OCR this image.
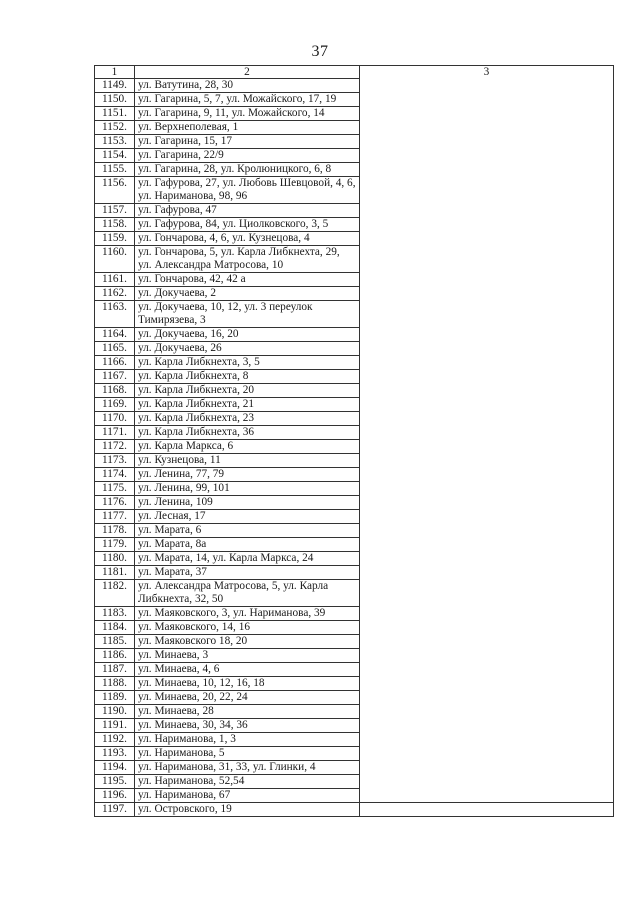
37
1	2	3
1149.	ул. Ватутина, 28, 30	
1150.	ул. Гагарина, 5, 7, ул. Можайского, 17, 19	
1151.	ул. Гагарина, 9, 11, ул. Можайского, 14	
1152.	ул. Верхнеполевая, 1	
1153.	ул. Гагарина, 15, 17	
1154.	ул. Гагарина, 22/9	
1155.	ул. Гагарина, 28, ул. Кролюницкого, 6, 8	
1156.	ул. Гафурова, 27, ул. Любовь Шевцовой, 4, 6, ул. Нариманова, 98, 96	
1157.	ул. Гафурова, 47	
1158.	ул. Гафурова, 84, ул. Циолковского, 3, 5	
1159.	ул. Гончарова, 4, 6, ул. Кузнецова, 4	
1160.	ул. Гончарова, 5, ул. Карла Либкнехта, 29, ул. Александра Матросова, 10	
1161.	ул. Гончарова, 42, 42 а	
1162.	ул. Докучаева, 2	
1163.	ул. Докучаева, 10, 12, ул. 3 переулок Тимирязева, 3	
1164.	ул. Докучаева, 16, 20	
1165.	ул. Докучаева, 26	
1166.	ул. Карла Либкнехта, 3, 5	
1167.	ул. Карла Либкнехта, 8	
1168.	ул. Карла Либкнехта, 20	
1169.	ул. Карла Либкнехта, 21	
1170.	ул. Карла Либкнехта, 23	
1171.	ул. Карла Либкнехта, 36	
1172.	ул. Карла Маркса, 6	
1173.	ул. Кузнецова, 11	
1174.	ул. Ленина, 77, 79	
1175.	ул. Ленина, 99, 101	
1176.	ул. Ленина, 109	
1177.	ул. Лесная, 17	
1178.	ул. Марата, 6	
1179.	ул. Марата, 8а	
1180.	ул. Марата, 14, ул. Карла Маркса, 24	
1181.	ул. Марата, 37	
1182.	ул. Александра Матросова, 5, ул. Карла Либкнехта, 32, 50	
1183.	ул. Маяковского, 3, ул. Нариманова, 39	
1184.	ул. Маяковского, 14, 16	
1185.	ул. Маяковского 18, 20	
1186.	ул. Минаева, 3	
1187.	ул. Минаева, 4, 6	
1188.	ул. Минаева, 10, 12, 16, 18	
1189.	ул. Минаева, 20, 22, 24	
1190.	ул. Минаева, 28	
1191.	ул. Минаева, 30, 34, 36	
1192.	ул. Нариманова, 1, 3	
1193.	ул. Нариманова, 5	
1194.	ул. Нариманова, 31, 33, ул. Глинки, 4	
1195.	ул. Нариманова, 52,54	
1196.	ул. Нариманова, 67	
1197.	ул. Островского, 19	
